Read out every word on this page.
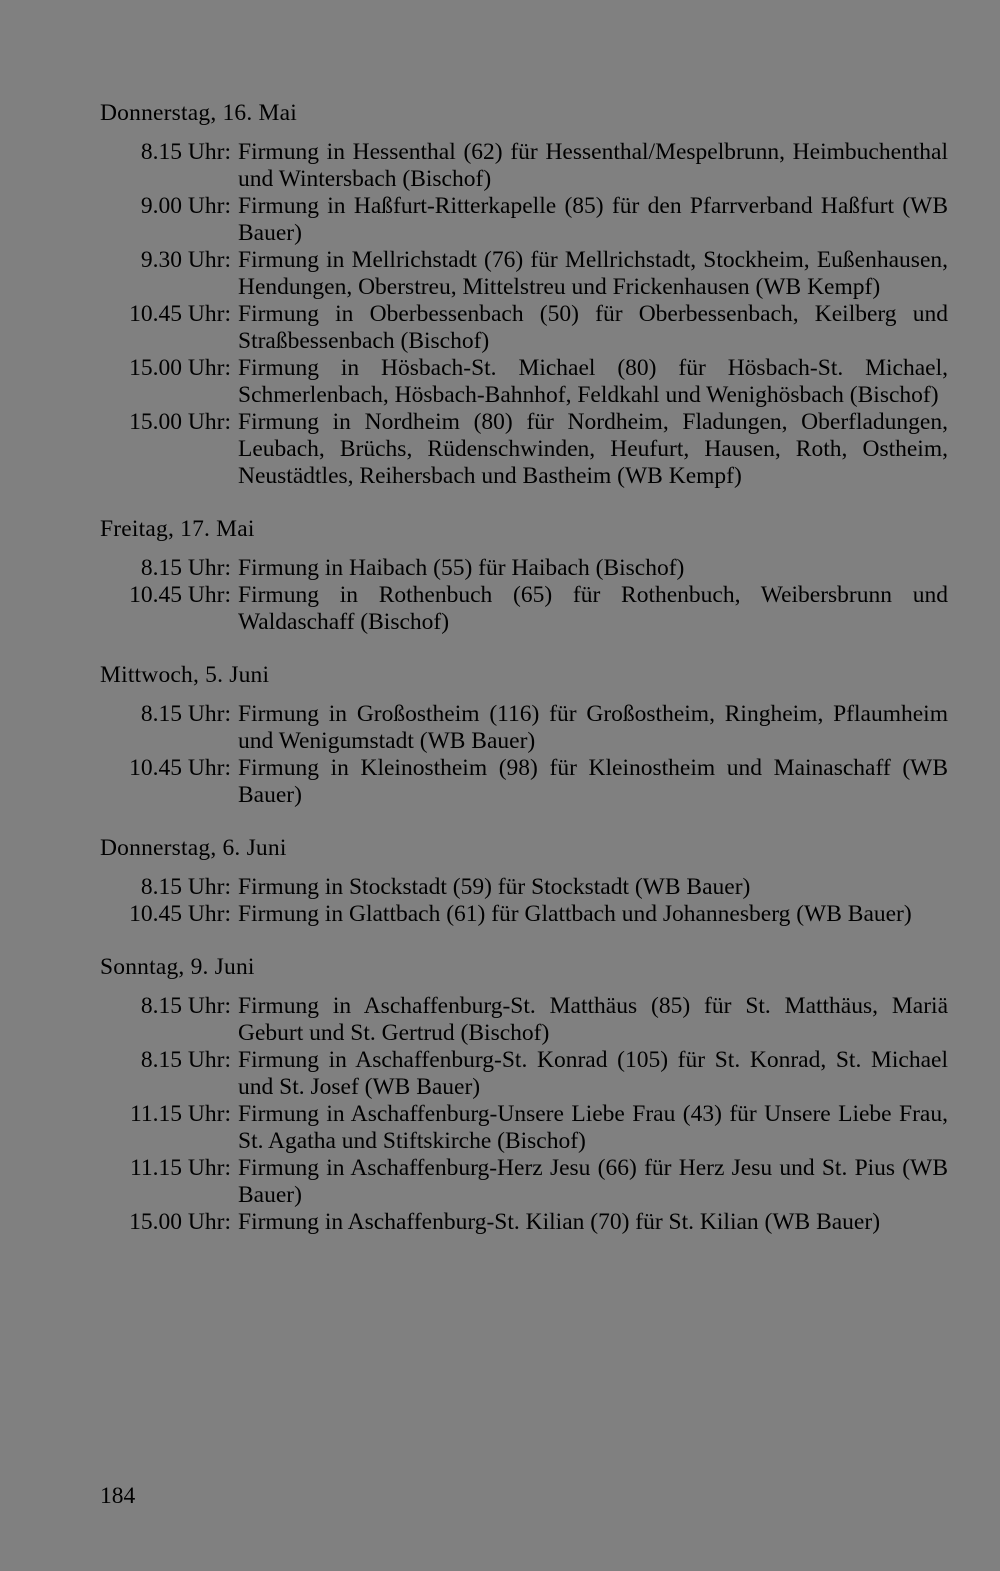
Donnerstag, 16. Mai
8.15 Uhr: Firmung in Hessenthal (62) für Hessenthal/Mespelbrunn, Heimbuchenthal und Wintersbach (Bischof)
9.00 Uhr: Firmung in Haßfurt-Ritterkapelle (85) für den Pfarrverband Haßfurt (WB Bauer)
9.30 Uhr: Firmung in Mellrichstadt (76) für Mellrichstadt, Stockheim, Eußenhausen, Hendungen, Oberstreu, Mittelstreu und Frickenhausen (WB Kempf)
10.45 Uhr: Firmung in Oberbessenbach (50) für Oberbessenbach, Keilberg und Straßbessenbach (Bischof)
15.00 Uhr: Firmung in Hösbach-St. Michael (80) für Hösbach-St. Michael, Schmerlenbach, Hösbach-Bahnhof, Feldkahl und Wenighösbach (Bischof)
15.00 Uhr: Firmung in Nordheim (80) für Nordheim, Fladungen, Oberfladungen, Leubach, Brüchs, Rüdenschwinden, Heufurt, Hausen, Roth, Ostheim, Neustädtles, Reihersbach und Bastheim (WB Kempf)
Freitag, 17. Mai
8.15 Uhr: Firmung in Haibach (55) für Haibach (Bischof)
10.45 Uhr: Firmung in Rothenbuch (65) für Rothenbuch, Weibersbrunn und Waldaschaff (Bischof)
Mittwoch, 5. Juni
8.15 Uhr: Firmung in Großostheim (116) für Großostheim, Ringheim, Pflaumheim und Wenigumstadt (WB Bauer)
10.45 Uhr: Firmung in Kleinostheim (98) für Kleinostheim und Mainaschaff (WB Bauer)
Donnerstag, 6. Juni
8.15 Uhr: Firmung in Stockstadt (59) für Stockstadt (WB Bauer)
10.45 Uhr: Firmung in Glattbach (61) für Glattbach und Johannesberg (WB Bauer)
Sonntag, 9. Juni
8.15 Uhr: Firmung in Aschaffenburg-St. Matthäus (85) für St. Matthäus, Mariä Geburt und St. Gertrud (Bischof)
8.15 Uhr: Firmung in Aschaffenburg-St. Konrad (105) für St. Konrad, St. Michael und St. Josef (WB Bauer)
11.15 Uhr: Firmung in Aschaffenburg-Unsere Liebe Frau (43) für Unsere Liebe Frau, St. Agatha und Stiftskirche (Bischof)
11.15 Uhr: Firmung in Aschaffenburg-Herz Jesu (66) für Herz Jesu und St. Pius (WB Bauer)
15.00 Uhr: Firmung in Aschaffenburg-St. Kilian (70) für St. Kilian (WB Bauer)
184
